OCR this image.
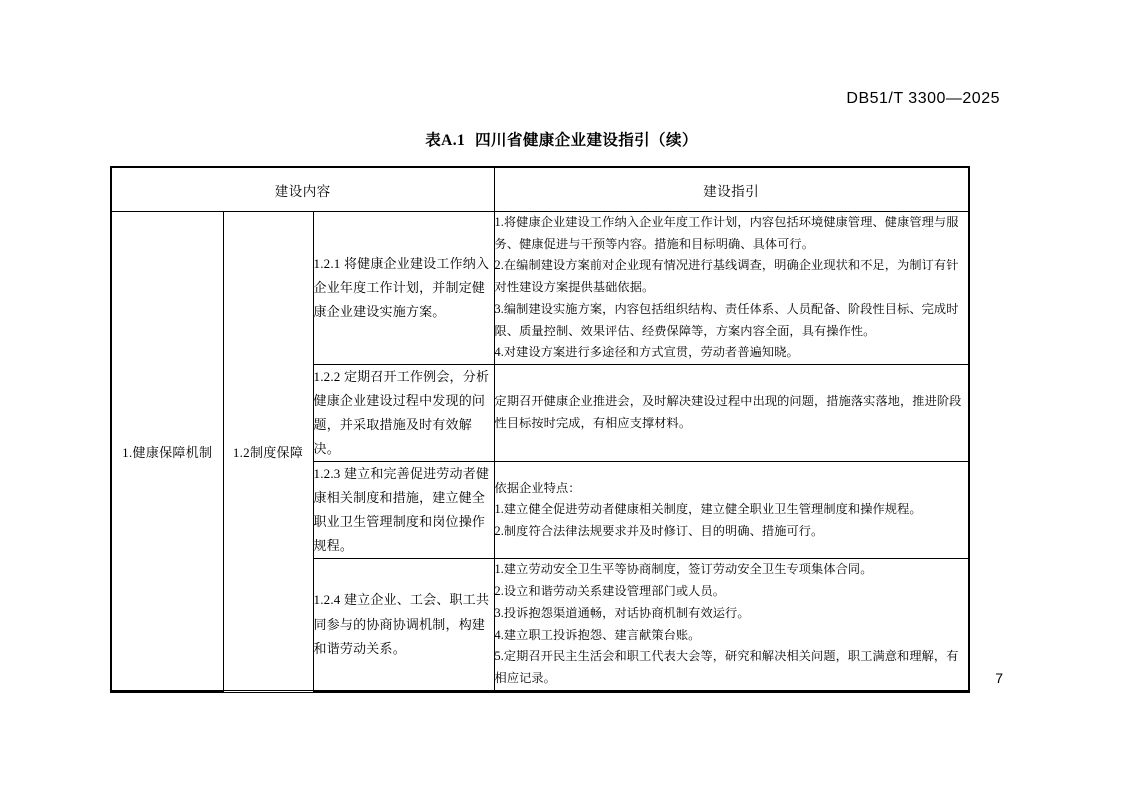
DB51/T 3300—2025
表A.1 四川省健康企业建设指引（续）
建设内容			建设指引
1.健康保障机制	1.2制度保障	1.2.1 将健康企业建设工作纳入企业年度工作计划，并制定健康企业建设实施方案。	1.将健康企业建设工作纳入企业年度工作计划，内容包括环境健康管理、健康管理与服务、健康促进与干预等内容。措施和目标明确、具体可行。
2.在编制建设方案前对企业现有情况进行基线调查，明确企业现状和不足，为制订有针对性建设方案提供基础依据。
3.编制建设实施方案，内容包括组织结构、责任体系、人员配备、阶段性目标、完成时限、质量控制、效果评估、经费保障等，方案内容全面，具有操作性。
4.对建设方案进行多途径和方式宣贯，劳动者普遍知晓。

		1.2.2 定期召开工作例会，分析健康企业建设过程中发现的问题，并采取措施及时有效解决。	定期召开健康企业推进会，及时解决建设过程中出现的问题，措施落实落地，推进阶段性目标按时完成，有相应支撑材料。

		1.2.3 建立和完善促进劳动者健康相关制度和措施，建立健全职业卫生管理制度和岗位操作规程。	依据企业特点：
1.建立健全促进劳动者健康相关制度，建立健全职业卫生管理制度和操作规程。
2.制度符合法律法规要求并及时修订、目的明确、措施可行。

		1.2.4 建立企业、工会、职工共同参与的协商协调机制，构建和谐劳动关系。	1.建立劳动安全卫生平等协商制度，签订劳动安全卫生专项集体合同。
2.设立和谐劳动关系建设管理部门或人员。
3.投诉抱怨渠道通畅，对话协商机制有效运行。
4.建立职工投诉抱怨、建言献策台账。
5.定期召开民主生活会和职工代表大会等，研究和解决相关问题，职工满意和理解，有相应记录。

				7
